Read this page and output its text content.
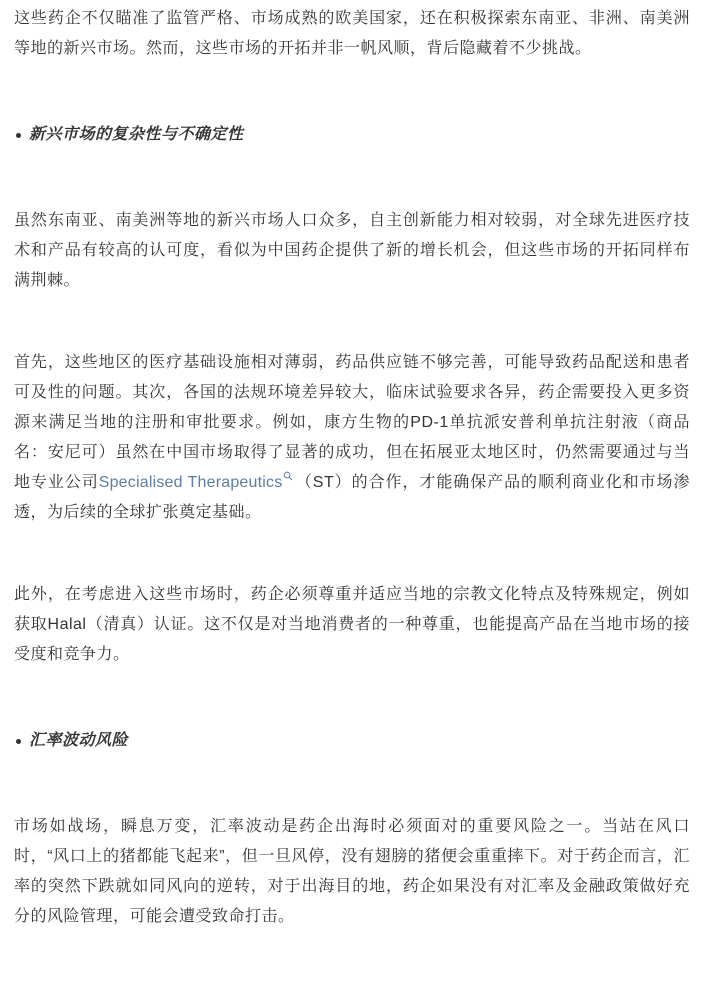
这些药企不仅瞄准了监管严格、市场成熟的欧美国家，还在积极探索东南亚、非洲、南美洲等地的新兴市场。然而，这些市场的开拓并非一帆风顺，背后隐藏着不少挑战。

新兴市场的复杂性与不确定性

虽然东南亚、南美洲等地的新兴市场人口众多，自主创新能力相对较弱，对全球先进医疗技术和产品有较高的认可度，看似为中国药企提供了新的增长机会，但这些市场的开拓同样布满荆棘。

首先，这些地区的医疗基础设施相对薄弱，药品供应链不够完善，可能导致药品配送和患者可及性的问题。其次，各国的法规环境差异较大，临床试验要求各异，药企需要投入更多资源来满足当地的注册和审批要求。例如，康方生物的PD-1单抗派安普利单抗注射液（商品名：安尼可）虽然在中国市场取得了显著的成功，但在拓展亚太地区时，仍然需要通过与当地专业公司Specialised Therapeutics （ST）的合作，才能确保产品的顺利商业化和市场渗透，为后续的全球扩张奠定基础。

此外，在考虑进入这些市场时，药企必须尊重并适应当地的宗教文化特点及特殊规定，例如获取Halal（清真）认证。这不仅是对当地消费者的一种尊重，也能提高产品在当地市场的接受度和竞争力。

汇率波动风险

市场如战场，瞬息万变，汇率波动是药企出海时必须面对的重要风险之一。当站在风口时，“风口上的猪都能飞起来”，但一旦风停，没有翅膀的猪便会重重摔下。对于药企而言，汇率的突然下跌就如同风向的逆转，对于出海目的地，药企如果没有对汇率及金融政策做好充分的风险管理，可能会遭受致命打击。
